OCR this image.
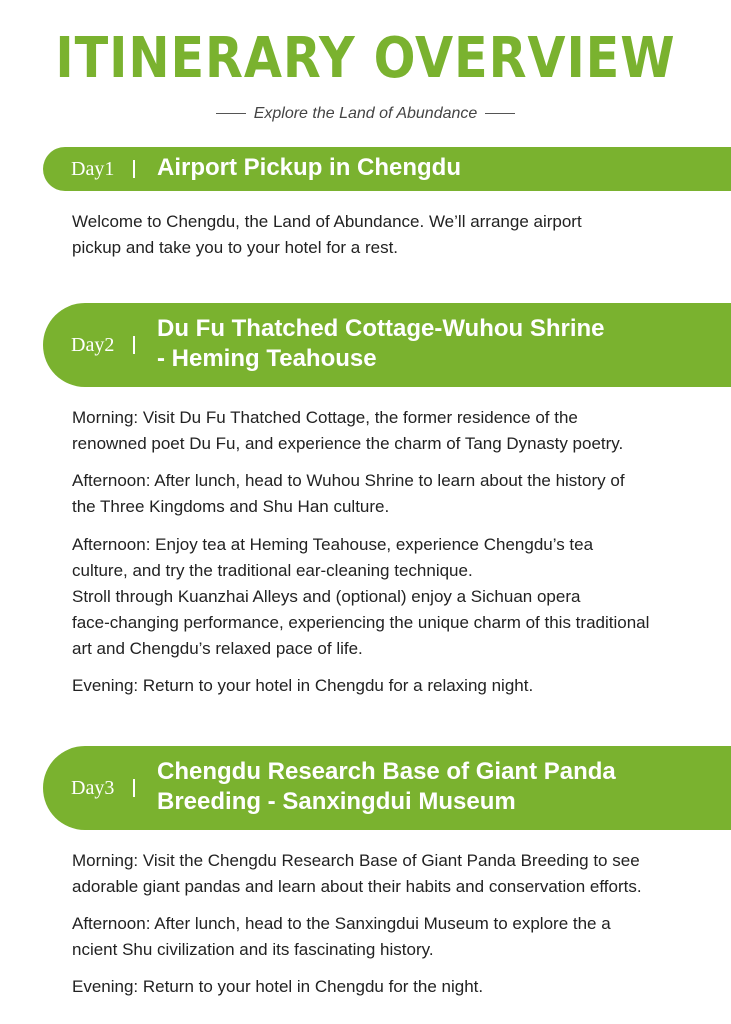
ITINERARY OVERVIEW
Explore the Land of Abundance
Day1 Airport Pickup in Chengdu
Welcome to Chengdu, the Land of Abundance. We’ll arrange airport
pickup and take you to your hotel for a rest.
Day2
Du Fu Thatched Cottage-Wuhou Shrine
- Heming Teahouse
Morning: Visit Du Fu Thatched Cottage, the former residence of the
renowned poet Du Fu, and experience the charm of Tang Dynasty poetry.
Afternoon: After lunch, head to Wuhou Shrine to learn about the history of
the Three Kingdoms and Shu Han culture.
Afternoon: Enjoy tea at Heming Teahouse, experience Chengdu’s tea
culture, and try the traditional ear-cleaning technique.
Stroll through Kuanzhai Alleys and (optional) enjoy a Sichuan opera
face-changing performance, experiencing the unique charm of this traditional
art and Chengdu’s relaxed pace of life.
Evening: Return to your hotel in Chengdu for a relaxing night.
Day3
Chengdu Research Base of Giant Panda
Breeding - Sanxingdui Museum
Morning: Visit the Chengdu Research Base of Giant Panda Breeding to see
adorable giant pandas and learn about their habits and conservation efforts.
Afternoon: After lunch, head to the Sanxingdui Museum to explore the a
ncient Shu civilization and its fascinating history.
Evening: Return to your hotel in Chengdu for the night.
